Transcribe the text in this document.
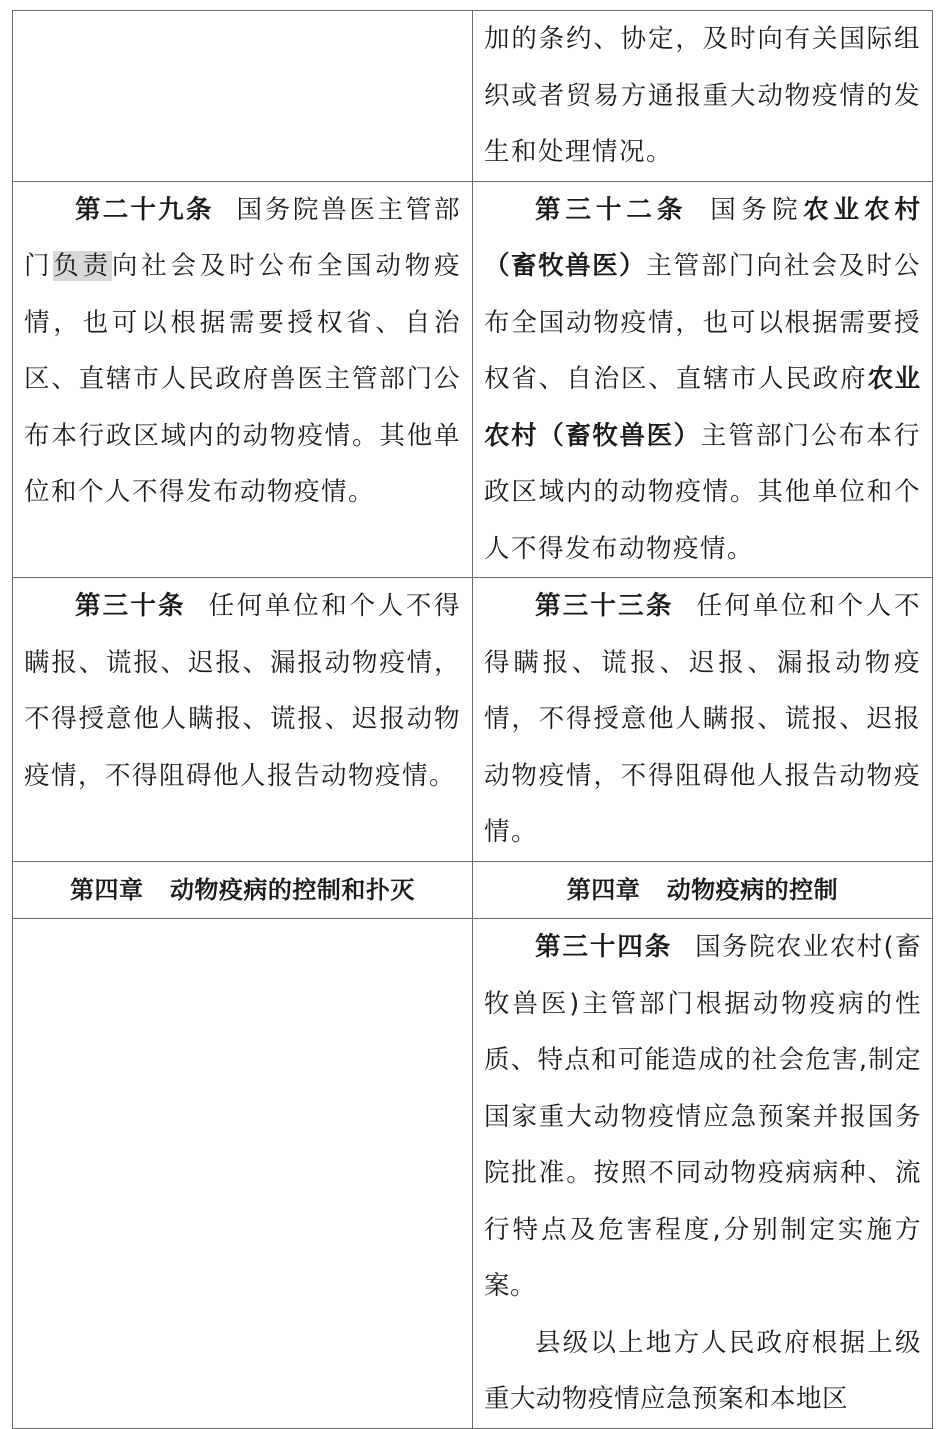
	加的条约、协定，及时向有关国际组织或者贸易方通报重大动物疫情的发生和处理情况。

第二十九条 国务院兽医主管部门负责向社会及时公布全国动物疫情，也可以根据需要授权省、自治区、直辖市人民政府兽医主管部门公布本行政区域内的动物疫情。其他单位和个人不得发布动物疫情。	第三十二条 国务院农业农村（畜牧兽医）主管部门向社会及时公布全国动物疫情，也可以根据需要授权省、自治区、直辖市人民政府农业农村（畜牧兽医）主管部门公布本行政区域内的动物疫情。其他单位和个人不得发布动物疫情。

第三十条 任何单位和个人不得瞒报、谎报、迟报、漏报动物疫情，不得授意他人瞒报、谎报、迟报动物疫情，不得阻碍他人报告动物疫情。	第三十三条 任何单位和个人不得瞒报、谎报、迟报、漏报动物疫情，不得授意他人瞒报、谎报、迟报动物疫情，不得阻碍他人报告动物疫情。

第四章 动物疫病的控制和扑灭	第四章 动物疫病的控制

	第三十四条 国务院农业农村(畜牧兽医)主管部门根据动物疫病的性质、特点和可能造成的社会危害,制定国家重大动物疫情应急预案并报国务院批准。按照不同动物疫病病种、流行特点及危害程度,分别制定实施方案。

县级以上地方人民政府根据上级重大动物疫情应急预案和本地区
